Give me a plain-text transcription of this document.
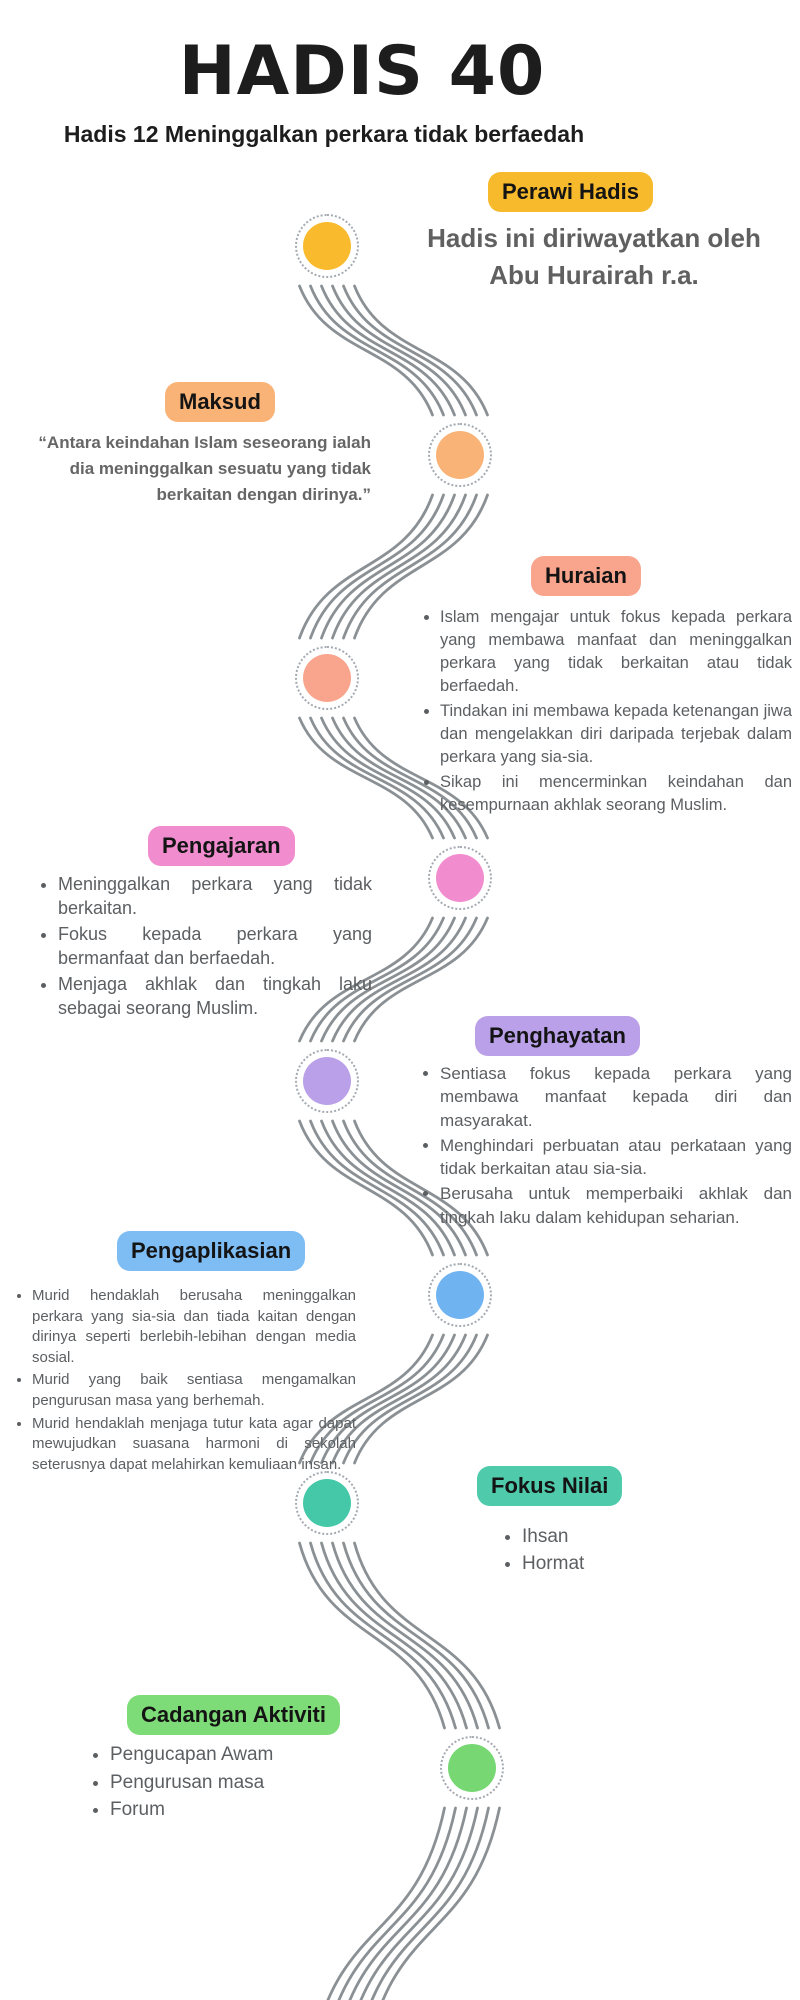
HADIS 40
Hadis 12 Meninggalkan perkara tidak berfaedah
Perawi Hadis
Hadis ini diriwayatkan oleh Abu Hurairah r.a.
Maksud
“Antara keindahan Islam seseorang ialah dia meninggalkan sesuatu yang tidak berkaitan dengan dirinya.”
Huraian
• Islam mengajar untuk fokus kepada perkara yang membawa manfaat dan meninggalkan perkara yang tidak berkaitan atau tidak berfaedah.
• Tindakan ini membawa kepada ketenangan jiwa dan mengelakkan diri daripada terjebak dalam perkara yang sia-sia.
• Sikap ini mencerminkan keindahan dan kesempurnaan akhlak seorang Muslim.
Pengajaran
• Meninggalkan perkara yang tidak berkaitan.
• Fokus kepada perkara yang bermanfaat dan berfaedah.
• Menjaga akhlak dan tingkah laku sebagai seorang Muslim.
Penghayatan
• Sentiasa fokus kepada perkara yang membawa manfaat kepada diri dan masyarakat.
• Menghindari perbuatan atau perkataan yang tidak berkaitan atau sia-sia.
• Berusaha untuk memperbaiki akhlak dan tingkah laku dalam kehidupan seharian.
Pengaplikasian
• Murid hendaklah berusaha meninggalkan perkara yang sia-sia dan tiada kaitan dengan dirinya seperti berlebih-lebihan dengan media sosial.
• Murid yang baik sentiasa mengamalkan pengurusan masa yang berhemah.
• Murid hendaklah menjaga tutur kata agar dapat mewujudkan suasana harmoni di sekolah seterusnya dapat melahirkan kemuliaan insan.
Fokus Nilai
• Ihsan
• Hormat
Cadangan Aktiviti
• Pengucapan Awam
• Pengurusan masa
• Forum
